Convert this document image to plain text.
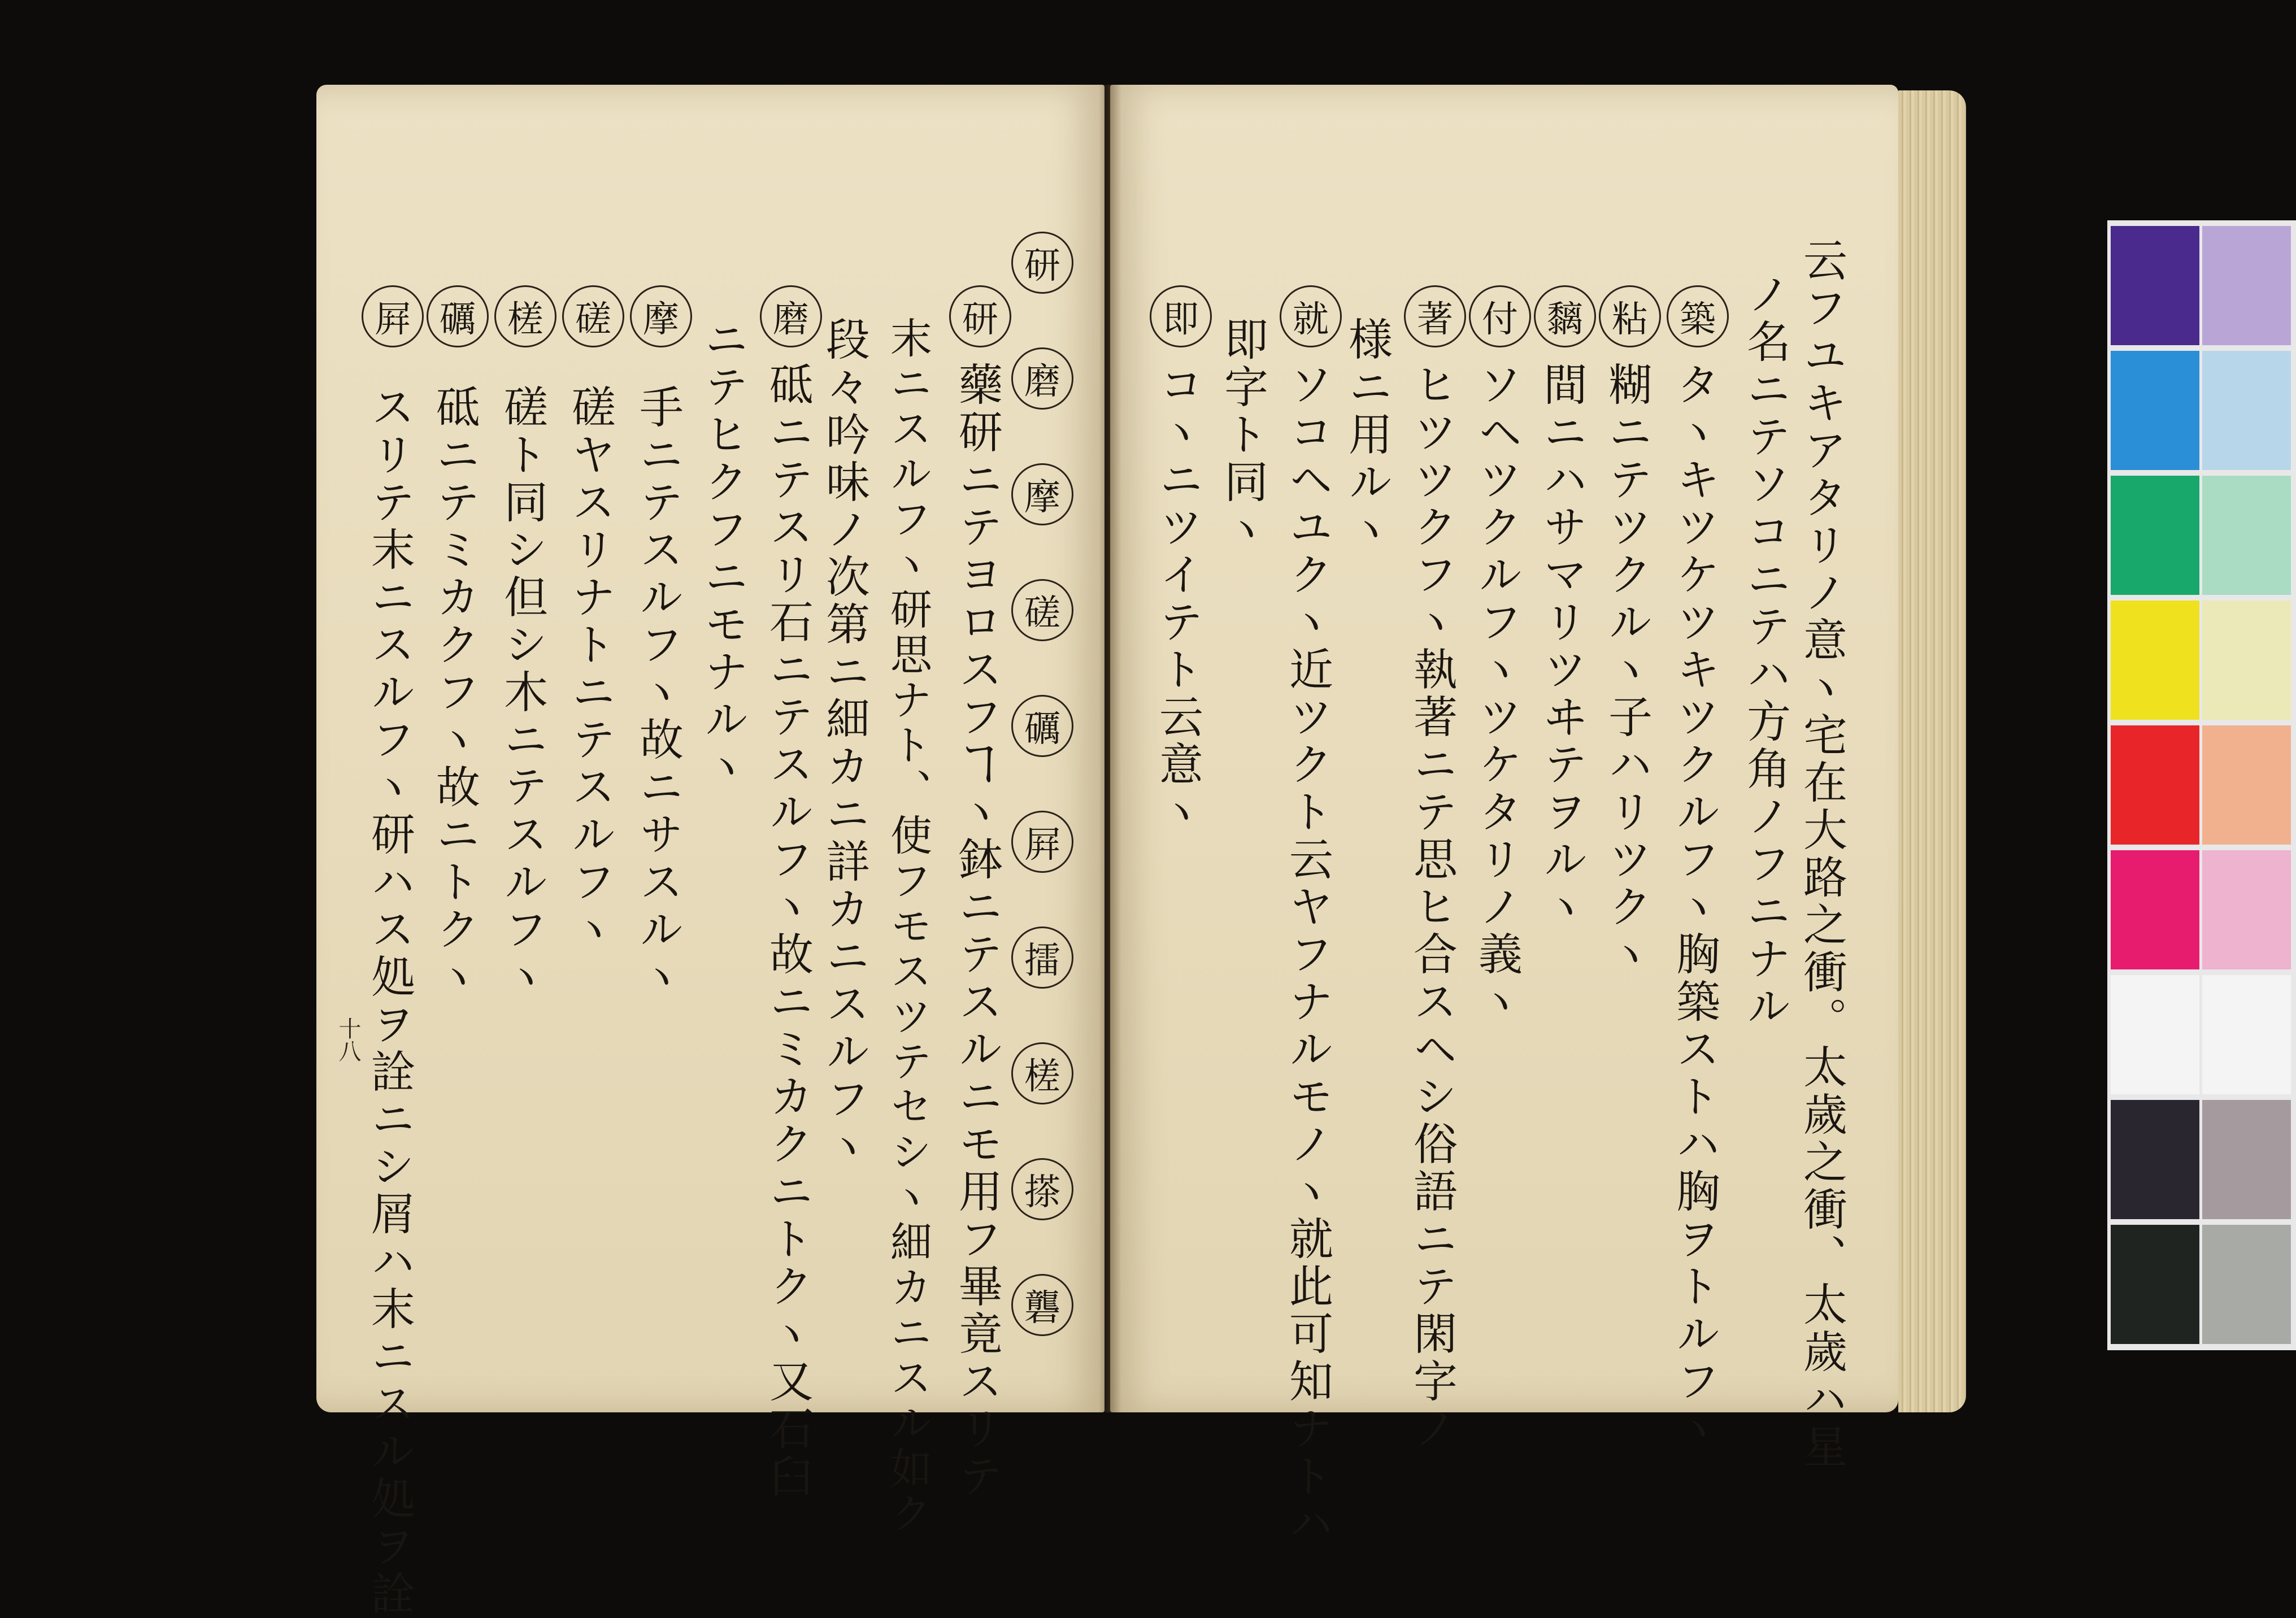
研
磨
摩
磋
礪
屛
擂
槎
搽
礱
研
藥研ニテヨロスフヿヽ鉢ニテスルニモ用フ畢竟スリテ
末ニスルフヽ研思ナト、使フモスツテセシヽ細カニスル如ク
段々吟味ノ次第ニ細カニ詳カニスルフヽ
磨
砥ニテスリ石ニテスルフヽ故ニミカクニトクヽ又石臼
ニテヒクフニモナルヽ
摩
手ニテスルフヽ故ニサスルヽ
磋
磋ヤスリナトニテスルフヽ
槎
磋ト同シ但シ木ニテスルフヽ
礪
砥ニテミカクフヽ故ニトクヽ
屛
スリテ末ニスルフヽ研ハス処ヲ詮ニシ屑ハ末ニスル処ヲ詮
十八	云フユキアタリノ意ヽ宅在大路之衝。太歲之衝、太歲ハ星
ノ名ニテソコニテハ方角ノフニナル
築
タヽキツケツキツクルフヽ胸築ストハ胸ヲトルフヽ
粘
糊ニテツクルヽ子ハリツクヽ
黐
間ニハサマリツヰテヲルヽ
付
ソヘツクルフヽツケタリノ義ヽ
著
ヒツツクフヽ執著ニテ思ヒ合スヘシ俗語ニテ閑字ノ
様ニ用ルヽ
就
ソコヘユクヽ近ツクト云ヤフナルモノヽ就此可知ナトハ
即字ト同ヽ
即
コヽニツイテト云意ヽ
